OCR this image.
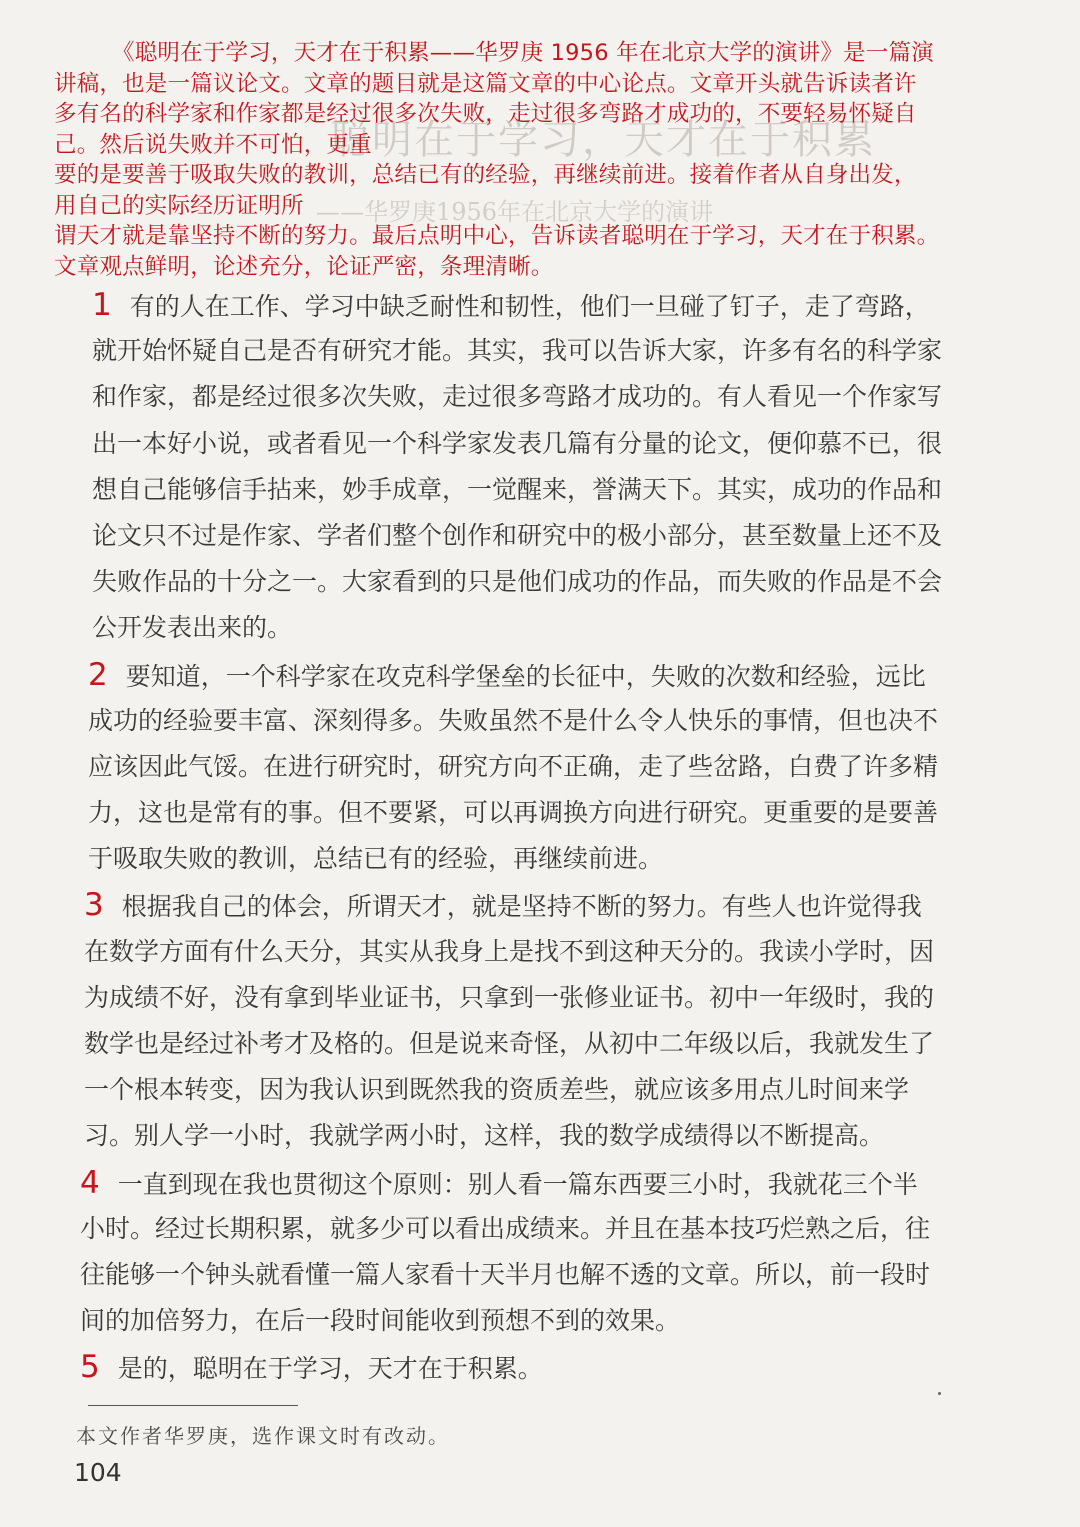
聪明在于学习，天才在于积累
——华罗庚1956年在北京大学的演讲
《聪明在于学习，天才在于积累——华罗庚 1956 年在北京大学的演讲》是一篇演
讲稿，也是一篇议论文。文章的题目就是这篇文章的中心论点。文章开头就告诉读者许
多有名的科学家和作家都是经过很多次失败，走过很多弯路才成功的，不要轻易怀疑自
己。然后说失败并不可怕，更重
要的是要善于吸取失败的教训，总结已有的经验，再继续前进。接着作者从自身出发，
用自己的实际经历证明所
谓天才就是靠坚持不断的努力。最后点明中心，告诉读者聪明在于学习，天才在于积累。
文章观点鲜明，论述充分，论证严密，条理清晰。
1 有的人在工作、学习中缺乏耐性和韧性，他们一旦碰了钉子，走了弯路，
就开始怀疑自己是否有研究才能。其实，我可以告诉大家，许多有名的科学家
和作家，都是经过很多次失败，走过很多弯路才成功的。有人看见一个作家写
出一本好小说，或者看见一个科学家发表几篇有分量的论文，便仰慕不已，很
想自己能够信手拈来，妙手成章，一觉醒来，誉满天下。其实，成功的作品和
论文只不过是作家、学者们整个创作和研究中的极小部分，甚至数量上还不及
失败作品的十分之一。大家看到的只是他们成功的作品，而失败的作品是不会
公开发表出来的。
2 要知道，一个科学家在攻克科学堡垒的长征中，失败的次数和经验，远比
成功的经验要丰富、深刻得多。失败虽然不是什么令人快乐的事情，但也决不
应该因此气馁。在进行研究时，研究方向不正确，走了些岔路，白费了许多精
力，这也是常有的事。但不要紧，可以再调换方向进行研究。更重要的是要善
于吸取失败的教训，总结已有的经验，再继续前进。
3 根据我自己的体会，所谓天才，就是坚持不断的努力。有些人也许觉得我
在数学方面有什么天分，其实从我身上是找不到这种天分的。我读小学时，因
为成绩不好，没有拿到毕业证书，只拿到一张修业证书。初中一年级时，我的
数学也是经过补考才及格的。但是说来奇怪，从初中二年级以后，我就发生了
一个根本转变，因为我认识到既然我的资质差些，就应该多用点儿时间来学
习。别人学一小时，我就学两小时，这样，我的数学成绩得以不断提高。
4 一直到现在我也贯彻这个原则：别人看一篇东西要三小时，我就花三个半
小时。经过长期积累，就多少可以看出成绩来。并且在基本技巧烂熟之后，往
往能够一个钟头就看懂一篇人家看十天半月也解不透的文章。所以，前一段时
间的加倍努力，在后一段时间能收到预想不到的效果。
5 是的，聪明在于学习，天才在于积累。
本文作者华罗庚，选作课文时有改动。
104
